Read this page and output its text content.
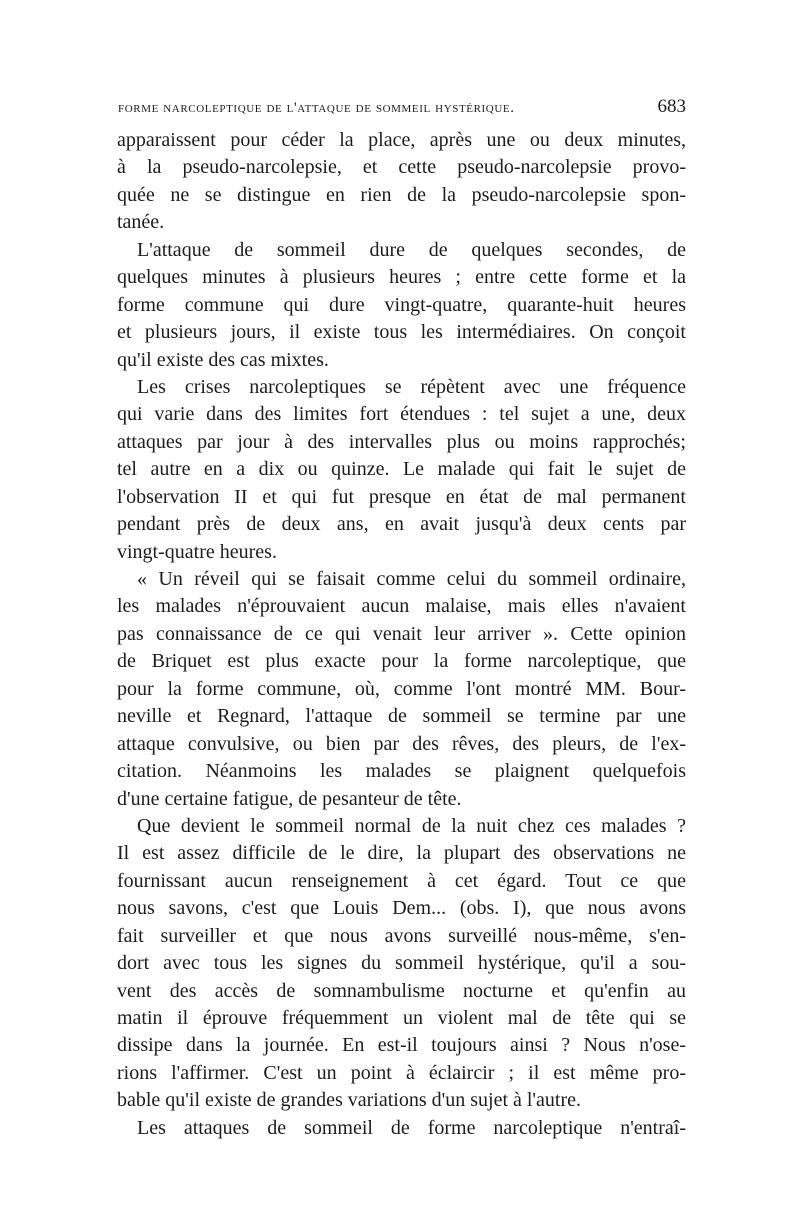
forme narcoleptique de l'attaque de sommeil hystérique.	683
apparaissent pour céder la place, après une ou deux minutes,
à la pseudo-narcolepsie, et cette pseudo-narcolepsie provo-
quée ne se distingue en rien de la pseudo-narcolepsie spon-
tanée.
L'attaque de sommeil dure de quelques secondes, de
quelques minutes à plusieurs heures ; entre cette forme et la
forme commune qui dure vingt-quatre, quarante-huit heures
et plusieurs jours, il existe tous les intermédiaires. On conçoit
qu'il existe des cas mixtes.
Les crises narcoleptiques se répètent avec une fréquence
qui varie dans des limites fort étendues : tel sujet a une, deux
attaques par jour à des intervalles plus ou moins rapprochés;
tel autre en a dix ou quinze. Le malade qui fait le sujet de
l'observation II et qui fut presque en état de mal permanent
pendant près de deux ans, en avait jusqu'à deux cents par
vingt-quatre heures.
« Un réveil qui se faisait comme celui du sommeil ordinaire,
les malades n'éprouvaient aucun malaise, mais elles n'avaient
pas connaissance de ce qui venait leur arriver ». Cette opinion
de Briquet est plus exacte pour la forme narcoleptique, que
pour la forme commune, où, comme l'ont montré MM. Bour-
neville et Regnard, l'attaque de sommeil se termine par une
attaque convulsive, ou bien par des rêves, des pleurs, de l'ex-
citation. Néanmoins les malades se plaignent quelquefois
d'une certaine fatigue, de pesanteur de tête.
Que devient le sommeil normal de la nuit chez ces malades ?
Il est assez difficile de le dire, la plupart des observations ne
fournissant aucun renseignement à cet égard. Tout ce que
nous savons, c'est que Louis Dem... (obs. I), que nous avons
fait surveiller et que nous avons surveillé nous-même, s'en-
dort avec tous les signes du sommeil hystérique, qu'il a sou-
vent des accès de somnambulisme nocturne et qu'enfin au
matin il éprouve fréquemment un violent mal de tête qui se
dissipe dans la journée. En est-il toujours ainsi ? Nous n'ose-
rions l'affirmer. C'est un point à éclaircir ; il est même pro-
bable qu'il existe de grandes variations d'un sujet à l'autre.
Les attaques de sommeil de forme narcoleptique n'entraî-
